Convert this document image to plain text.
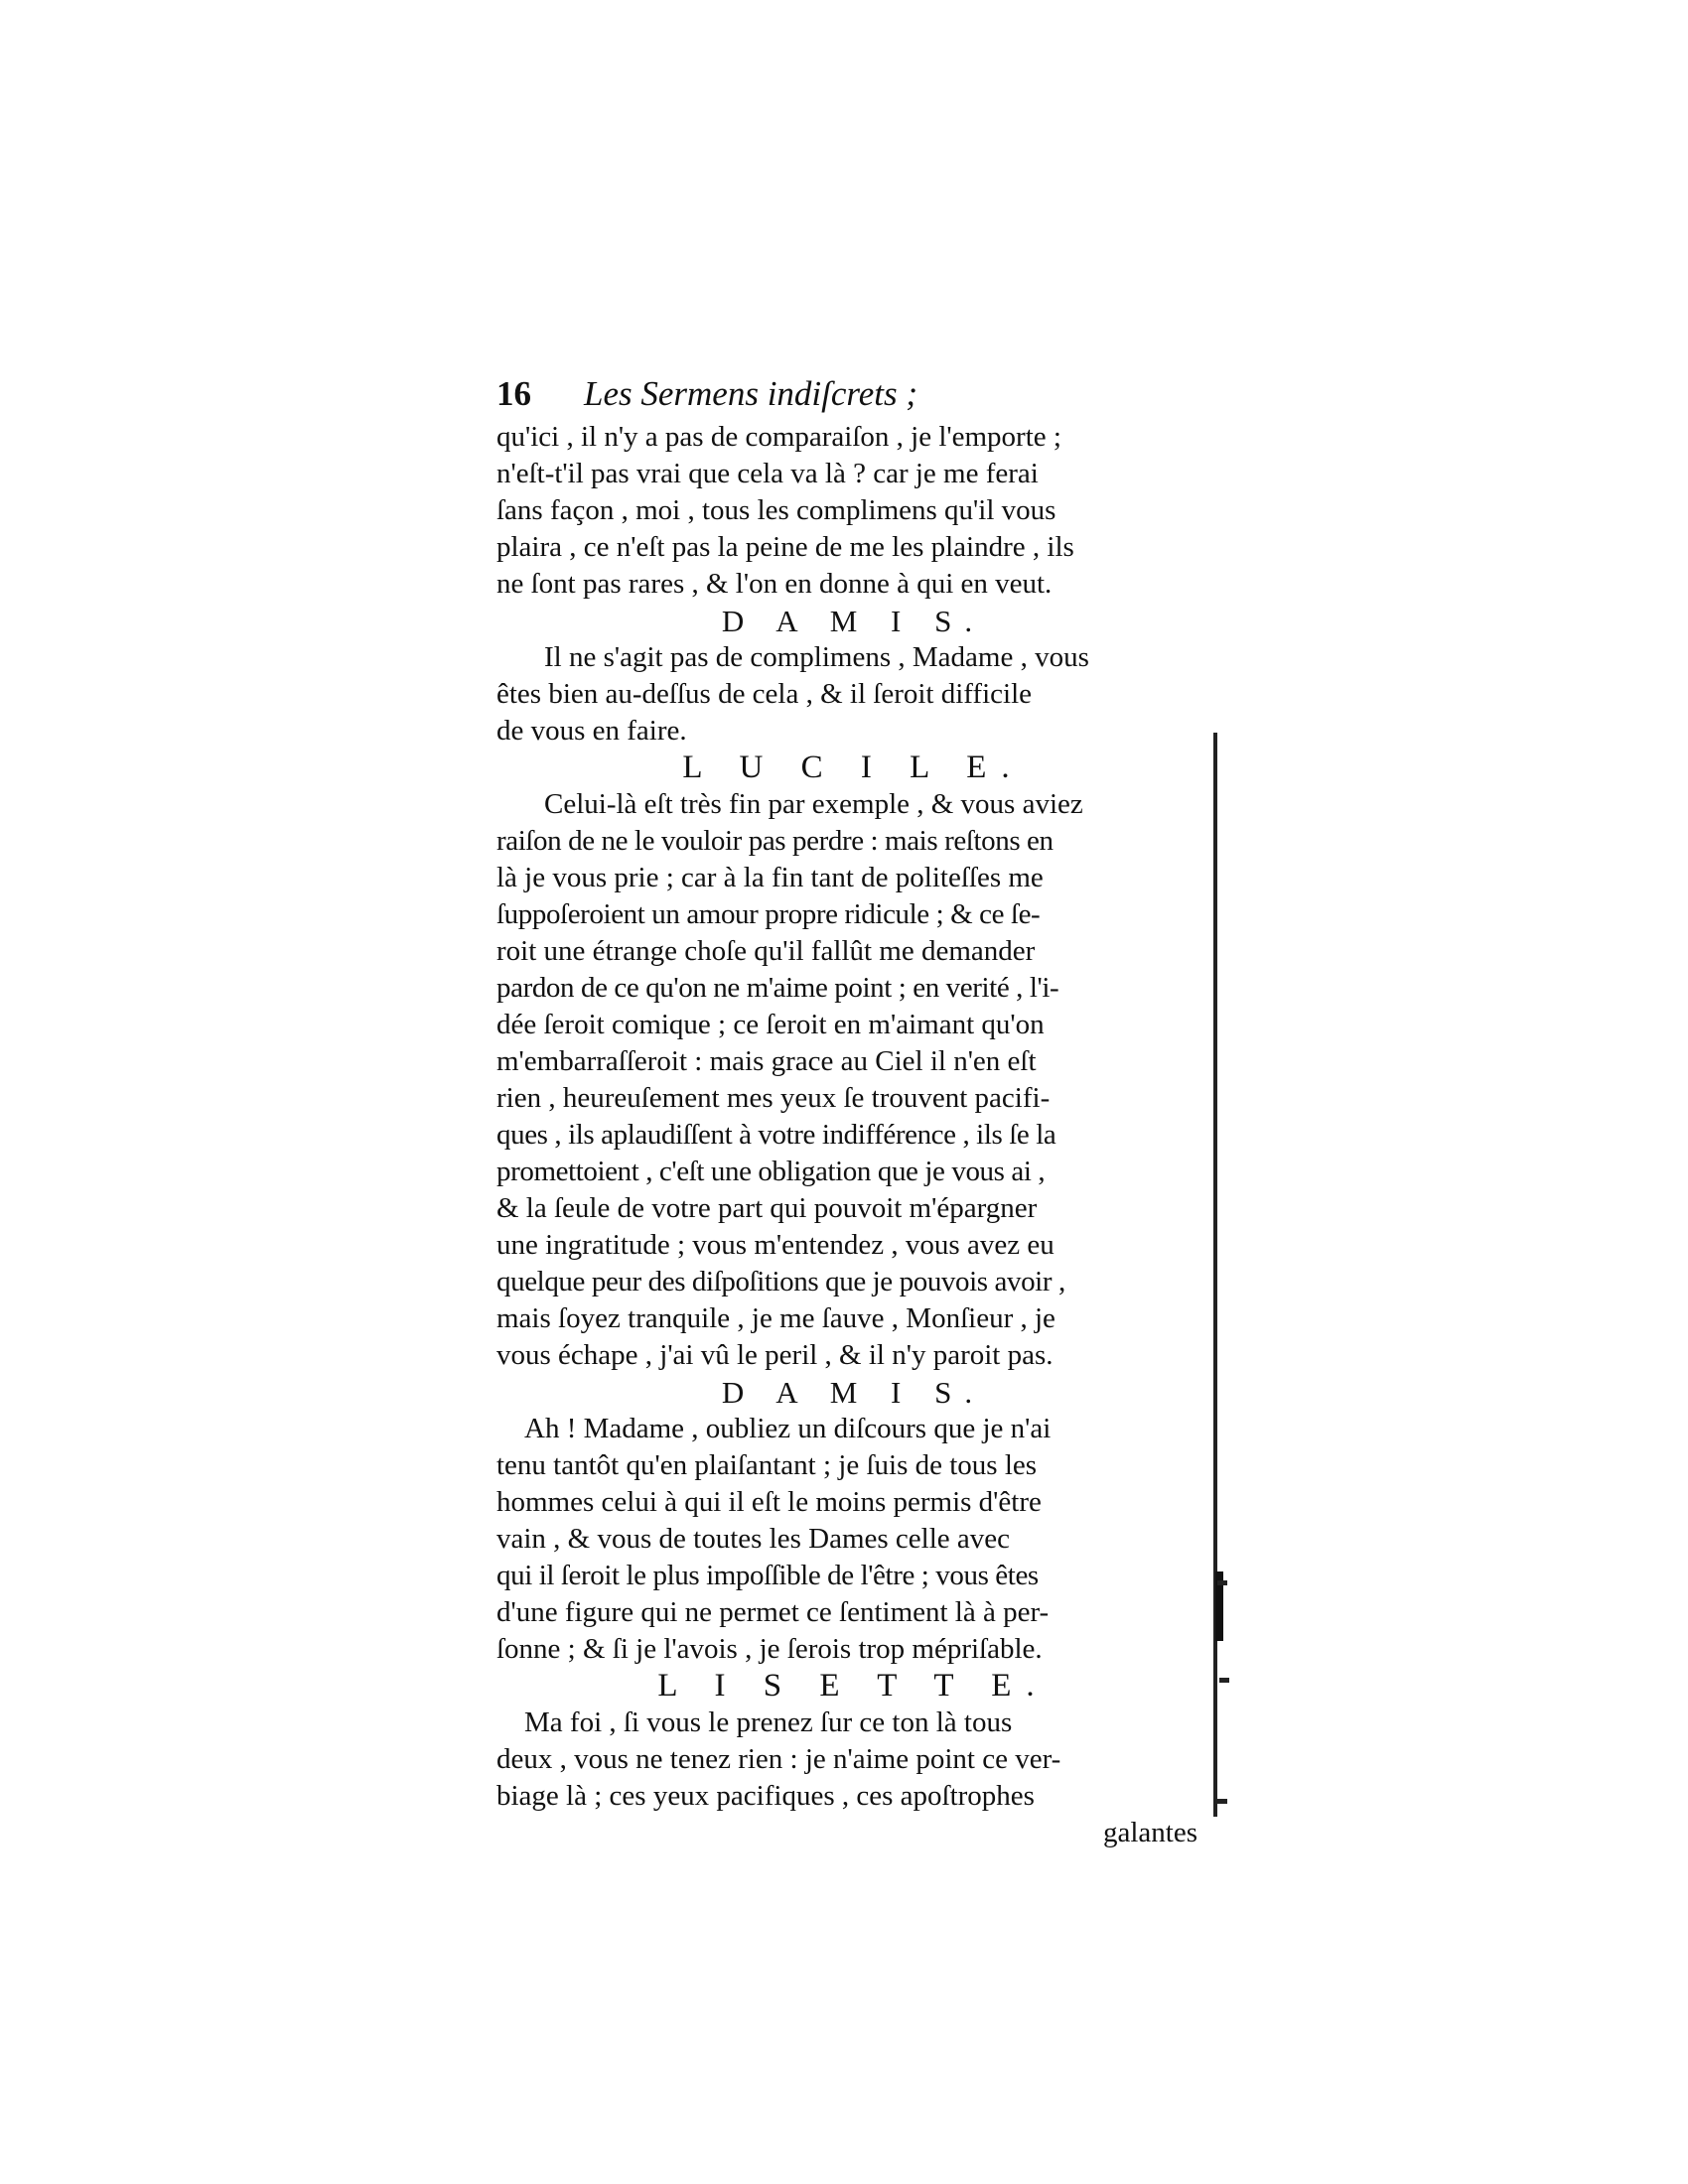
16 Les Sermens indiſcrets ;
qu'ici , il n'y a pas de comparaiſon , je l'emporte ;
n'eſt-t'il pas vrai que cela va là ? car je me ferai
ſans façon , moi , tous les complimens qu'il vous
plaira , ce n'eſt pas la peine de me les plaindre , ils
ne ſont pas rares , & l'on en donne à qui en veut.
D A M I S.
Il ne s'agit pas de complimens , Madame , vous
êtes bien au-deſſus de cela , & il ſeroit difficile
de vous en faire.
L U C I L E.
Celui-là eſt très fin par exemple , & vous aviez
raiſon de ne le vouloir pas perdre : mais reſtons en
là je vous prie ; car à la fin tant de politeſſes me
ſuppoſeroient un amour propre ridicule ; & ce ſe-
roit une étrange choſe qu'il fallût me demander
pardon de ce qu'on ne m'aime point ; en verité , l'i-
dée ſeroit comique ; ce ſeroit en m'aimant qu'on
m'embarraſſeroit : mais grace au Ciel il n'en eſt
rien , heureuſement mes yeux ſe trouvent pacifi-
ques , ils aplaudiſſent à votre indifférence , ils ſe la
promettoient , c'eſt une obligation que je vous ai ,
& la ſeule de votre part qui pouvoit m'épargner
une ingratitude ; vous m'entendez , vous avez eu
quelque peur des diſpoſitions que je pouvois avoir ,
mais ſoyez tranquile , je me ſauve , Monſieur , je
vous échape , j'ai vû le peril , & il n'y paroit pas.
D A M I S.
Ah ! Madame , oubliez un diſcours que je n'ai
tenu tantôt qu'en plaiſantant ; je ſuis de tous les
hommes celui à qui il eſt le moins permis d'être
vain , & vous de toutes les Dames celle avec
qui il ſeroit le plus impoſſible de l'être ; vous êtes
d'une figure qui ne permet ce ſentiment là à per-
ſonne ; & ſi je l'avois , je ſerois trop mépriſable.
L I S E T T E.
Ma foi , ſi vous le prenez ſur ce ton là tous
deux , vous ne tenez rien : je n'aime point ce ver-
biage là ; ces yeux pacifiques , ces apoſtrophes
galantes
